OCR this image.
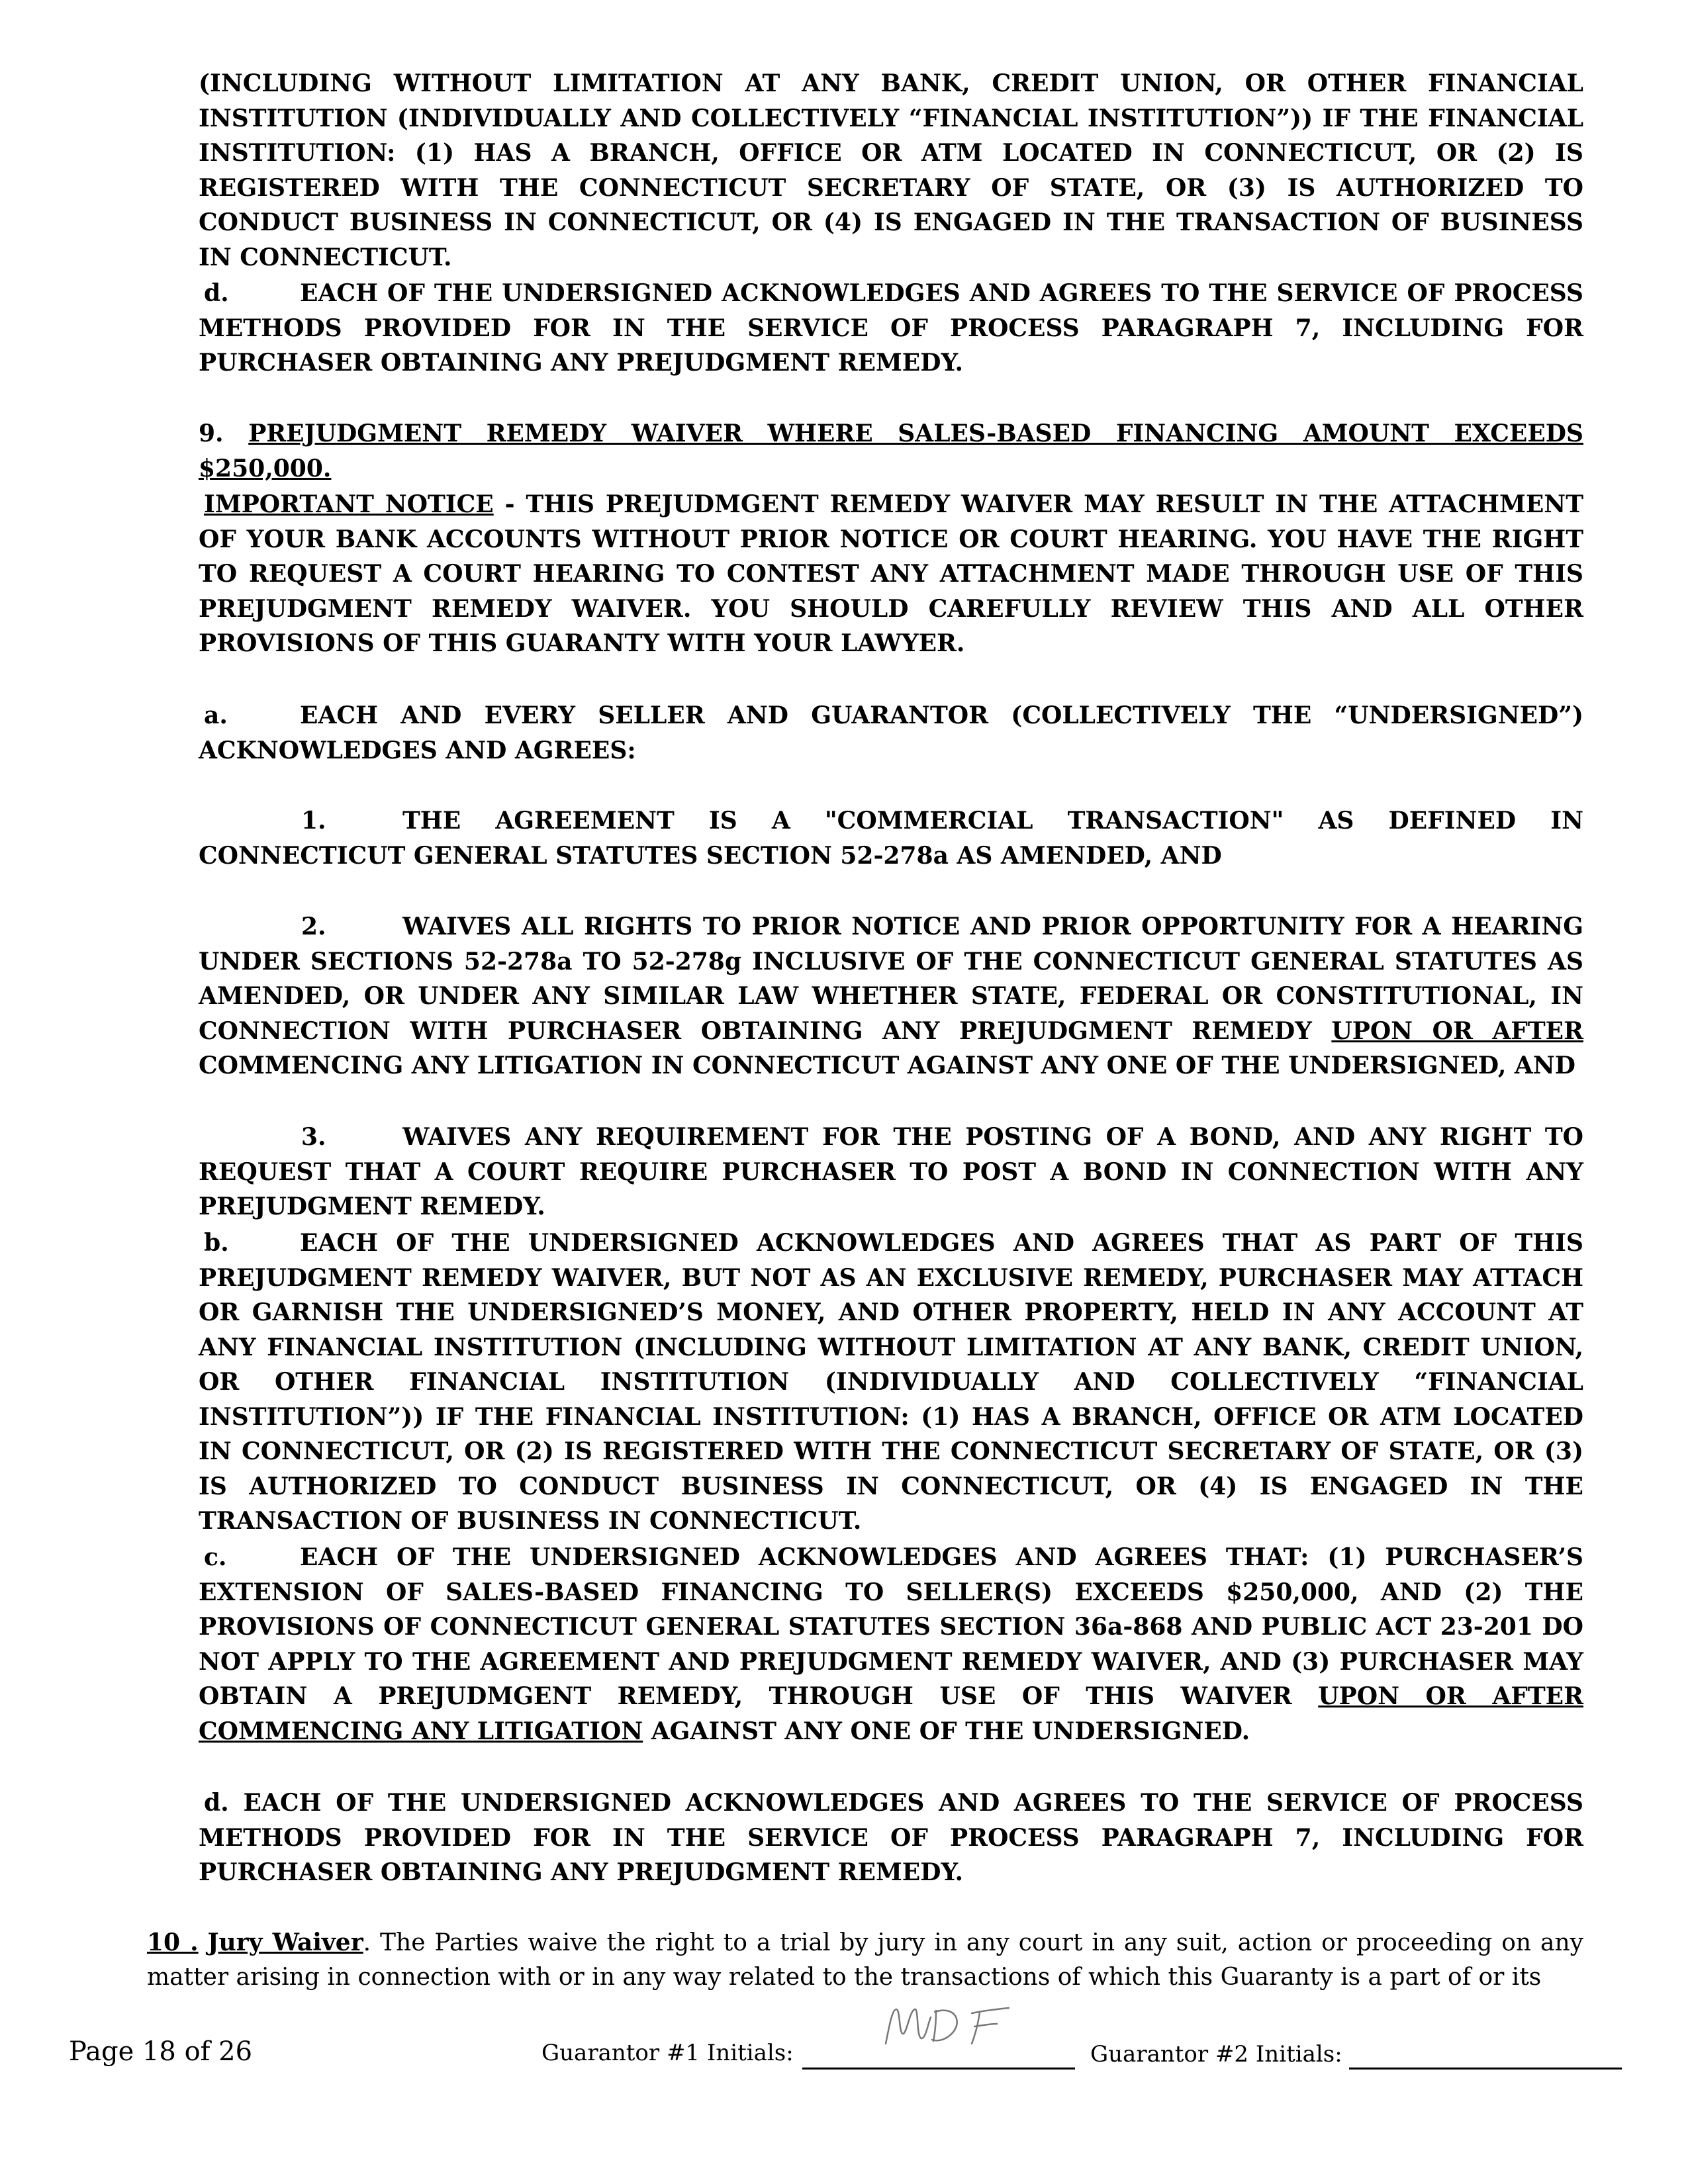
(INCLUDING WITHOUT LIMITATION AT ANY BANK, CREDIT UNION, OR OTHER FINANCIAL INSTITUTION (INDIVIDUALLY AND COLLECTIVELY “FINANCIAL INSTITUTION”)) IF THE FINANCIAL INSTITUTION: (1) HAS A BRANCH, OFFICE OR ATM LOCATED IN CONNECTICUT, OR (2) IS REGISTERED WITH THE CONNECTICUT SECRETARY OF STATE, OR (3) IS AUTHORIZED TO CONDUCT BUSINESS IN CONNECTICUT, OR (4) IS ENGAGED IN THE TRANSACTION OF BUSINESS IN CONNECTICUT.

d.	EACH OF THE UNDERSIGNED ACKNOWLEDGES AND AGREES TO THE SERVICE OF PROCESS METHODS PROVIDED FOR IN THE SERVICE OF PROCESS PARAGRAPH 7, INCLUDING FOR PURCHASER OBTAINING ANY PREJUDGMENT REMEDY.

9. PREJUDGMENT REMEDY WAIVER WHERE SALES-BASED FINANCING AMOUNT EXCEEDS $250,000.

IMPORTANT NOTICE - THIS PREJUDMGENT REMEDY WAIVER MAY RESULT IN THE ATTACHMENT OF YOUR BANK ACCOUNTS WITHOUT PRIOR NOTICE OR COURT HEARING. YOU HAVE THE RIGHT TO REQUEST A COURT HEARING TO CONTEST ANY ATTACHMENT MADE THROUGH USE OF THIS PREJUDGMENT REMEDY WAIVER. YOU SHOULD CAREFULLY REVIEW THIS AND ALL OTHER PROVISIONS OF THIS GUARANTY WITH YOUR LAWYER.

a.	EACH AND EVERY SELLER AND GUARANTOR (COLLECTIVELY THE “UNDERSIGNED”) ACKNOWLEDGES AND AGREES:

1.	THE AGREEMENT IS A "COMMERCIAL TRANSACTION" AS DEFINED IN CONNECTICUT GENERAL STATUTES SECTION 52-278a AS AMENDED, AND

2.	WAIVES ALL RIGHTS TO PRIOR NOTICE AND PRIOR OPPORTUNITY FOR A HEARING UNDER SECTIONS 52-278a TO 52-278g INCLUSIVE OF THE CONNECTICUT GENERAL STATUTES AS AMENDED, OR UNDER ANY SIMILAR LAW WHETHER STATE, FEDERAL OR CONSTITUTIONAL, IN CONNECTION WITH PURCHASER OBTAINING ANY PREJUDGMENT REMEDY UPON OR AFTER COMMENCING ANY LITIGATION IN CONNECTICUT AGAINST ANY ONE OF THE UNDERSIGNED, AND

3.	WAIVES ANY REQUIREMENT FOR THE POSTING OF A BOND, AND ANY RIGHT TO REQUEST THAT A COURT REQUIRE PURCHASER TO POST A BOND IN CONNECTION WITH ANY PREJUDGMENT REMEDY.

b.	EACH OF THE UNDERSIGNED ACKNOWLEDGES AND AGREES THAT AS PART OF THIS PREJUDGMENT REMEDY WAIVER, BUT NOT AS AN EXCLUSIVE REMEDY, PURCHASER MAY ATTACH OR GARNISH THE UNDERSIGNED’S MONEY, AND OTHER PROPERTY, HELD IN ANY ACCOUNT AT ANY FINANCIAL INSTITUTION (INCLUDING WITHOUT LIMITATION AT ANY BANK, CREDIT UNION, OR OTHER FINANCIAL INSTITUTION (INDIVIDUALLY AND COLLECTIVELY “FINANCIAL INSTITUTION”)) IF THE FINANCIAL INSTITUTION: (1) HAS A BRANCH, OFFICE OR ATM LOCATED IN CONNECTICUT, OR (2) IS REGISTERED WITH THE CONNECTICUT SECRETARY OF STATE, OR (3) IS AUTHORIZED TO CONDUCT BUSINESS IN CONNECTICUT, OR (4) IS ENGAGED IN THE TRANSACTION OF BUSINESS IN CONNECTICUT.

c.	EACH OF THE UNDERSIGNED ACKNOWLEDGES AND AGREES THAT: (1) PURCHASER’S EXTENSION OF SALES-BASED FINANCING TO SELLER(S) EXCEEDS $250,000, AND (2) THE PROVISIONS OF CONNECTICUT GENERAL STATUTES SECTION 36a-868 AND PUBLIC ACT 23-201 DO NOT APPLY TO THE AGREEMENT AND PREJUDGMENT REMEDY WAIVER, AND (3) PURCHASER MAY OBTAIN A PREJUDMGENT REMEDY, THROUGH USE OF THIS WAIVER UPON OR AFTER COMMENCING ANY LITIGATION AGAINST ANY ONE OF THE UNDERSIGNED.

d. EACH OF THE UNDERSIGNED ACKNOWLEDGES AND AGREES TO THE SERVICE OF PROCESS METHODS PROVIDED FOR IN THE SERVICE OF PROCESS PARAGRAPH 7, INCLUDING FOR PURCHASER OBTAINING ANY PREJUDGMENT REMEDY.

10 . Jury Waiver. The Parties waive the right to a trial by jury in any court in any suit, action or proceeding on any matter arising in connection with or in any way related to the transactions of which this Guaranty is a part of or its

Page 18 of 26	Guarantor #1 Initials:	Guarantor #2 Initials:
